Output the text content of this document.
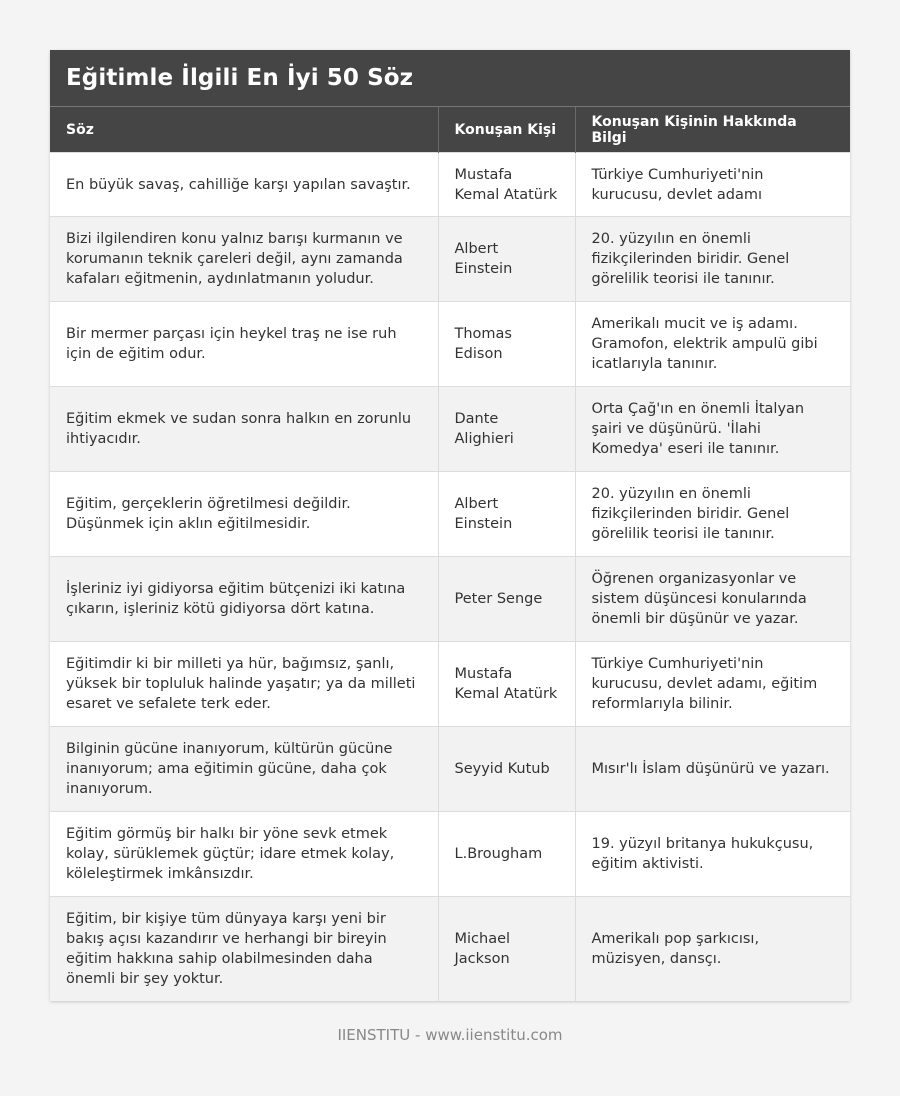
Eğitimle İlgili En İyi 50 Söz
Söz	Konuşan Kişi	Konuşan Kişinin Hakkında Bilgi
En büyük savaş, cahilliğe karşı yapılan savaştır.	Mustafa Kemal Atatürk	Türkiye Cumhuriyeti'nin kurucusu, devlet adamı
Bizi ilgilendiren konu yalnız barışı kurmanın ve korumanın teknik çareleri değil, aynı zamanda kafaları eğitmenin, aydınlatmanın yoludur.	Albert Einstein	20. yüzyılın en önemli fizikçilerinden biridir. Genel görelilik teorisi ile tanınır.
Bir mermer parçası için heykel traş ne ise ruh için de eğitim odur.	Thomas Edison	Amerikalı mucit ve iş adamı. Gramofon, elektrik ampulü gibi icatlarıyla tanınır.
Eğitim ekmek ve sudan sonra halkın en zorunlu ihtiyacıdır.	Dante Alighieri	Orta Çağ'ın en önemli İtalyan şairi ve düşünürü. 'İlahi Komedya' eseri ile tanınır.
Eğitim, gerçeklerin öğretilmesi değildir. Düşünmek için aklın eğitilmesidir.	Albert Einstein	20. yüzyılın en önemli fizikçilerinden biridir. Genel görelilik teorisi ile tanınır.
İşleriniz iyi gidiyorsa eğitim bütçenizi iki katına çıkarın, işleriniz kötü gidiyorsa dört katına.	Peter Senge	Öğrenen organizasyonlar ve sistem düşüncesi konularında önemli bir düşünür ve yazar.
Eğitimdir ki bir milleti ya hür, bağımsız, şanlı, yüksek bir topluluk halinde yaşatır; ya da milleti esaret ve sefalete terk eder.	Mustafa Kemal Atatürk	Türkiye Cumhuriyeti'nin kurucusu, devlet adamı, eğitim reformlarıyla bilinir.
Bilginin gücüne inanıyorum, kültürün gücüne inanıyorum; ama eğitimin gücüne, daha çok inanıyorum.	Seyyid Kutub	Mısır'lı İslam düşünürü ve yazarı.
Eğitim görmüş bir halkı bir yöne sevk etmek kolay, sürüklemek güçtür; idare etmek kolay, köleleştirmek imkânsızdır.	L.Brougham	19. yüzyıl britanya hukukçusu, eğitim aktivisti.
Eğitim, bir kişiye tüm dünyaya karşı yeni bir bakış açısı kazandırır ve herhangi bir bireyin eğitim hakkına sahip olabilmesinden daha önemli bir şey yoktur.	Michael Jackson	Amerikalı pop şarkıcısı, müzisyen, dansçı.
IIENSTITU - www.iienstitu.com
